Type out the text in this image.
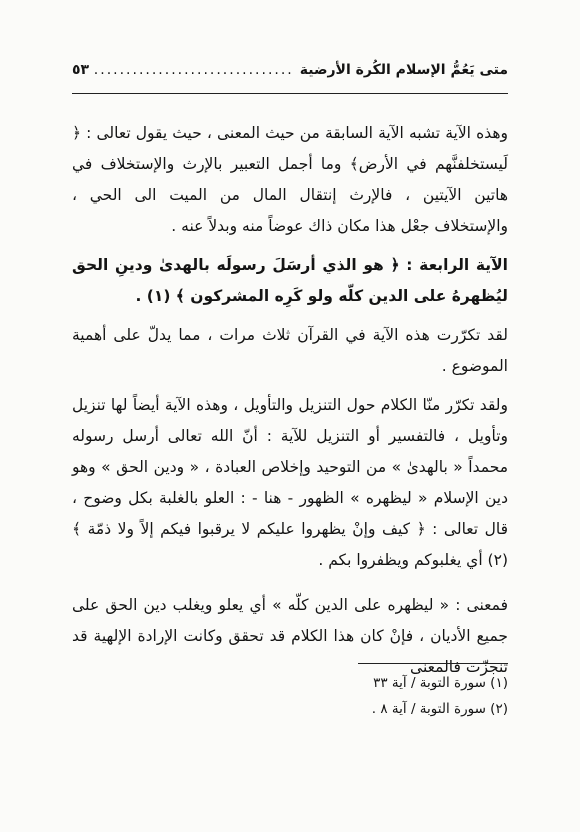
متى يَعُمُّ الإسلام الكُرة الأرضية
.....
٥٣

وهذه الآية تشبه الآية السابقة من حيث المعنى ، حيث يقول تعالى : ﴿ لَيستخلفنَّهم في الأرض﴾ وما أجمل التعبير بالإرث والإستخلاف في هاتين الآيتين ، فالإرث إنتقال المال من الميت الى الحي ، والإستخلاف جعْل هذا مكان ذاك عوضاً منه وبدلاً عنه .

الآية الرابعة : ﴿ هو الذي أرسَلَ رسولَه بالهدىٰ ودينِ الحق ليُظهرهُ على الدين كلّه ولو كَرِه المشركون ﴾ (١) .

لقد تكرّرت هذه الآية في القرآن ثلاث مرات ، مما يدلّ على أهمية الموضوع .

ولقد تكرّر منّا الكلام حول التنزيل والتأويل ، وهذه الآية أيضاً لها تنزيل وتأويل ، فالتفسير أو التنزيل للآية : أنّ الله تعالى أرسل رسوله محمداً « بالهدىٰ » من التوحيد وإخلاص العبادة ، « ودين الحق » وهو دين الإسلام « ليظهره » الظهور - هنا - : العلو بالغلبة بكل وضوح ، قال تعالى : ﴿ كيف وإنْ يظهروا عليكم لا يرقبوا فيكم إلاً ولا ذمّة ﴾ (٢) أي يغلبوكم ويظفروا بكم .

فمعنى : « ليظهره على الدين كلّه » أي يعلو ويغلب دين الحق على جميع الأديان ، فإنْ كان هذا الكلام قد تحقق وكانت الإرادة الإلهية قد تنجزّت فالمعنى

(١) سورة التوبة / آية ٣٣

(٢) سورة التوبة / آية ٨ .
